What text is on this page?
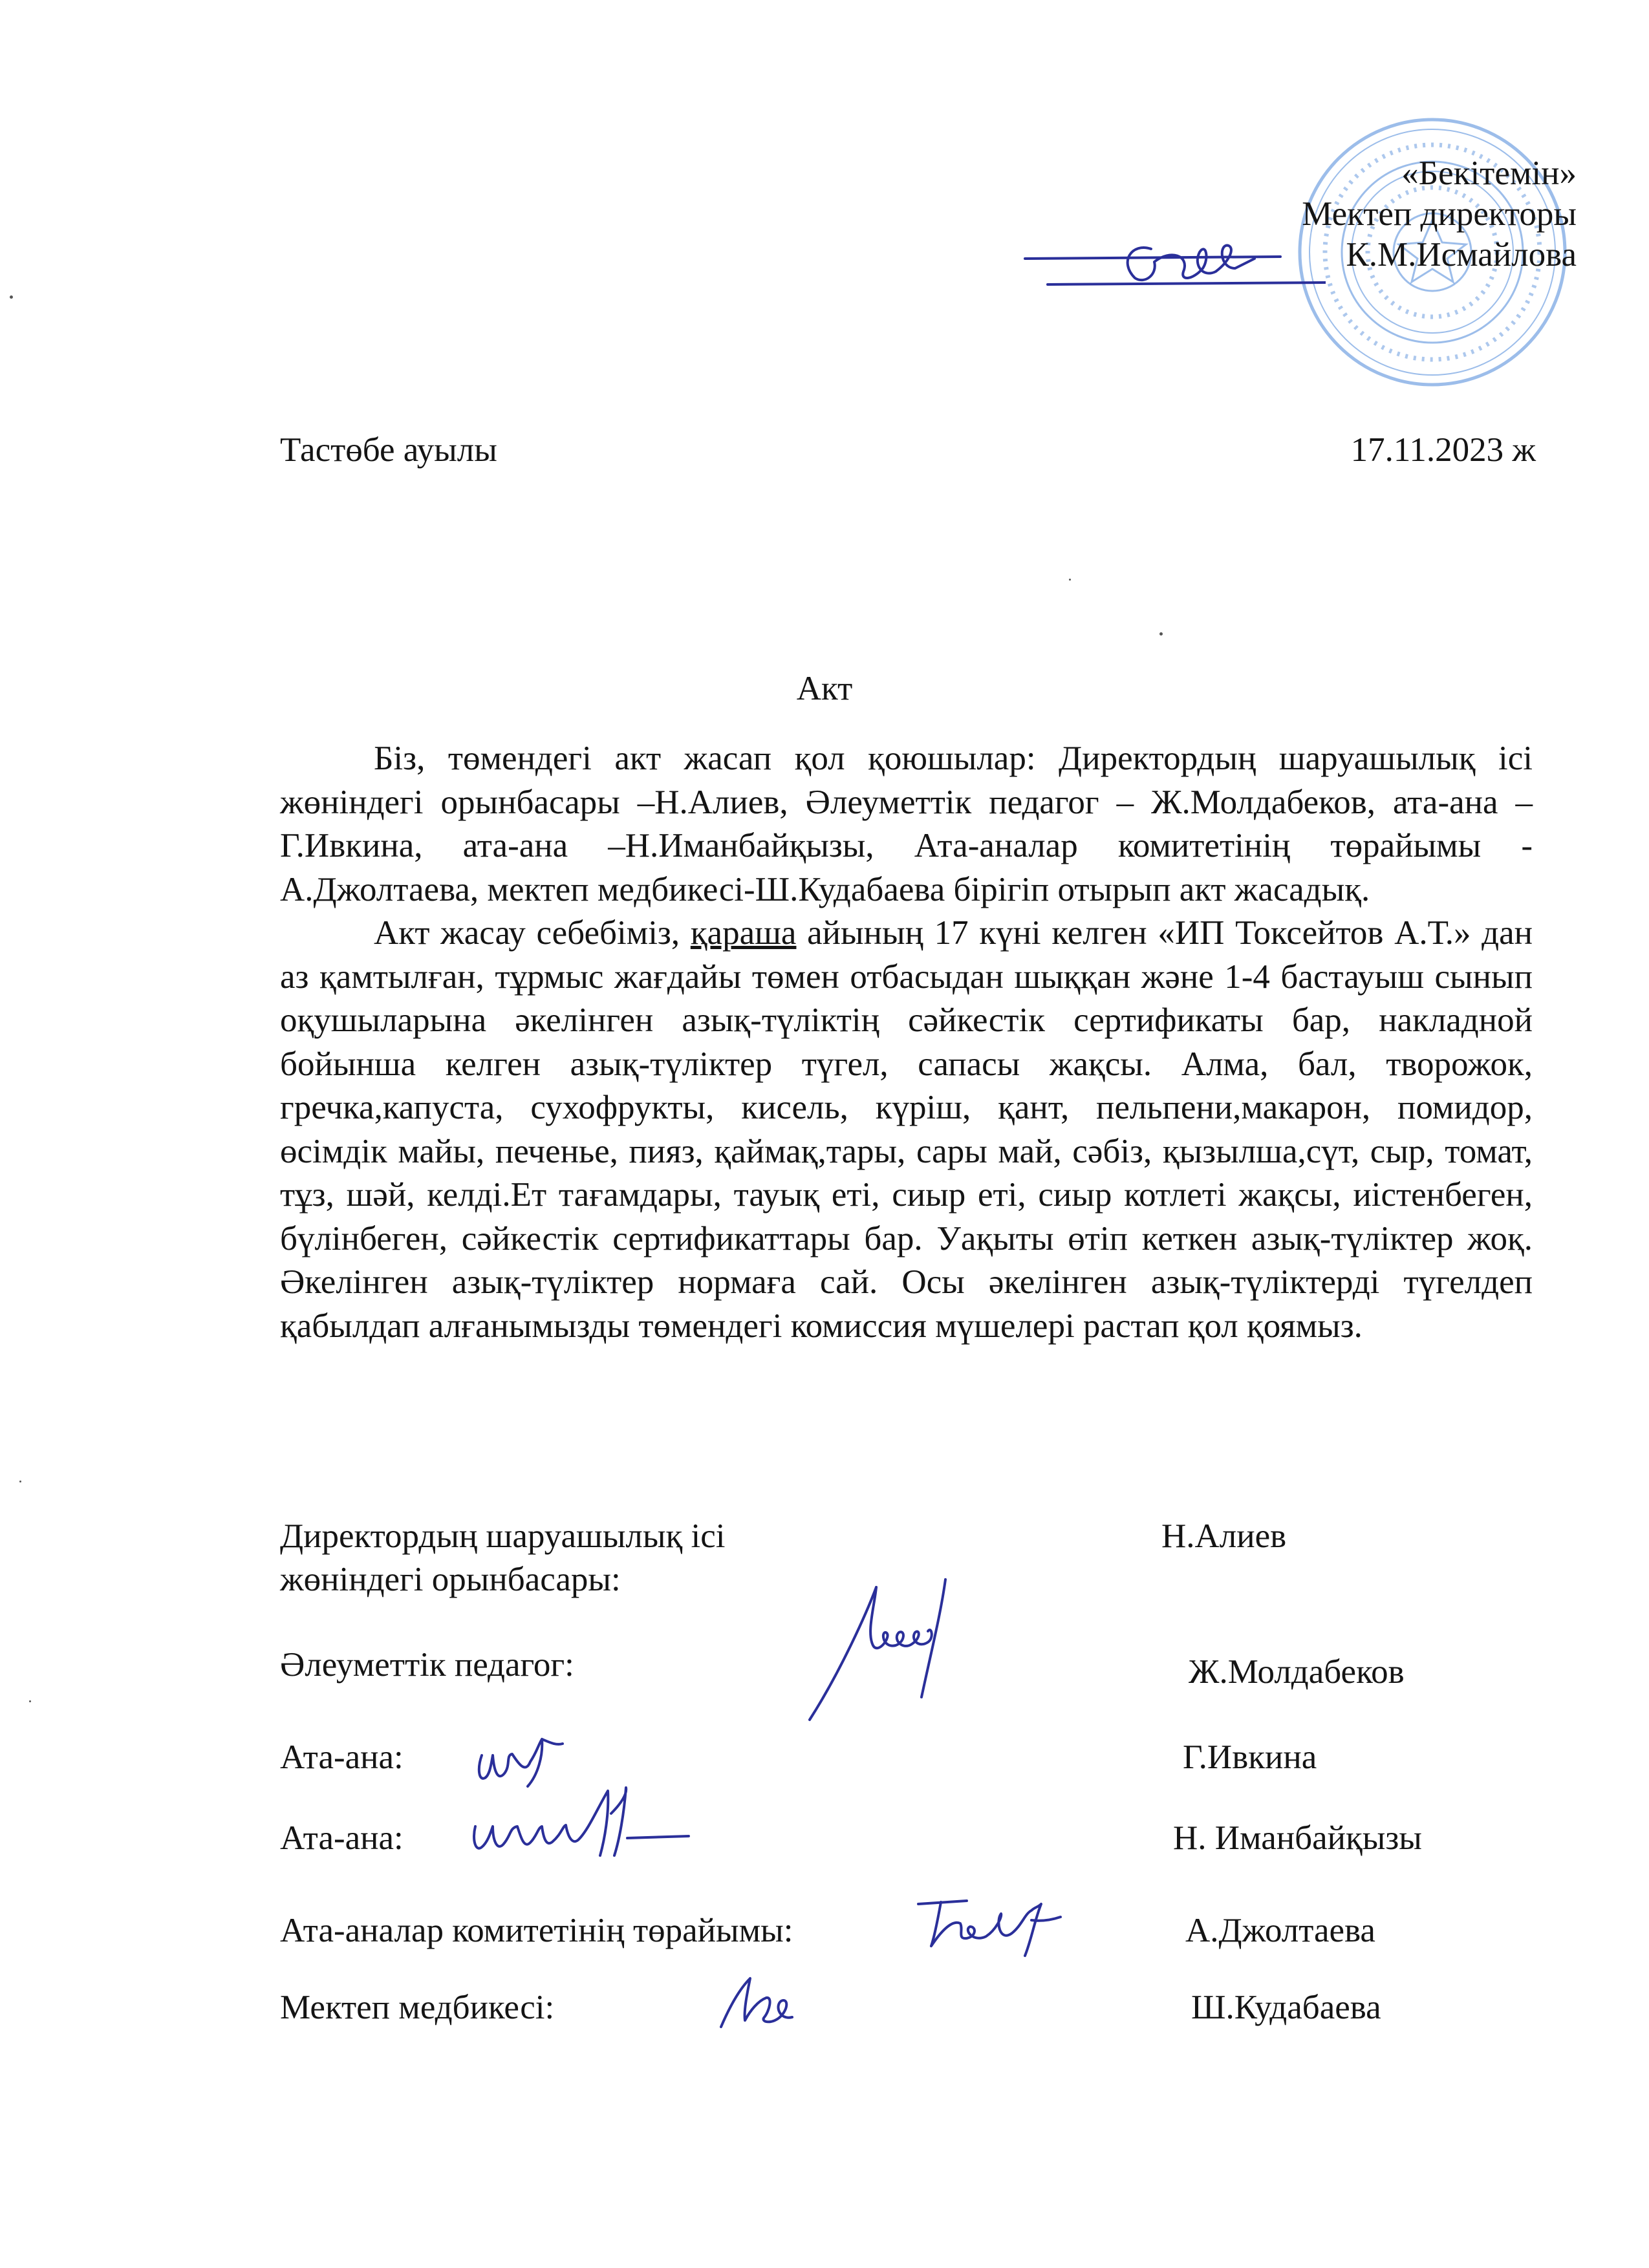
«Бекітемін»
Мектеп директоры
К.М.Исмайлова
Тастөбе ауылы	17.11.2023 ж
Акт

Біз, төмендегі акт жасап қол қоюшылар: Директордың шаруашылық ісі жөніндегі орынбасары –Н.Алиев, Әлеуметтік педагог – Ж.Молдабеков, ата-ана – Г.Ивкина, ата-ана –Н.Иманбайқызы, Ата-аналар комитетінің төрайымы - А.Джолтаева, мектеп медбикесі-Ш.Кудабаева бірігіп отырып акт жасадық.

Акт жасау себебіміз, қараша айының 17 күні келген «ИП Токсейтов А.Т.» дан аз қамтылған, тұрмыс жағдайы төмен отбасыдан шыққан және 1-4 бастауыш сынып оқушыларына әкелінген азық-түліктің сәйкестік сертификаты бар, накладной бойынша келген азық-түліктер түгел, сапасы жақсы. Алма, бал, творожок, гречка,капуста, сухофрукты, кисель, күріш, қант, пельпени,макарон, помидор, өсімдік майы, печенье, пияз, қаймақ,тары, сары май, сәбіз, қызылша,сүт, сыр, томат, тұз, шәй, келді.Ет тағамдары, тауық еті, сиыр еті, сиыр котлеті жақсы, иістенбеген, бүлінбеген, сәйкестік сертификаттары бар. Уақыты өтіп кеткен азық-түліктер жоқ. Әкелінген азық-түліктер нормаға сай. Осы әкелінген азық-түліктерді түгелдеп қабылдап алғанымызды төмендегі комиссия мүшелері растап қол қоямыз.

Директордың шаруашылық ісі
жөніндегі орынбасары:
Н.Алиев
Әлеуметтік педагог:	Ж.Молдабеков
Ата-ана:	Г.Ивкина
Ата-ана:	Н. Иманбайқызы
Ата-аналар комитетінің төрайымы:	А.Джолтаева
Мектеп медбикесі:	Ш.Кудабаева
